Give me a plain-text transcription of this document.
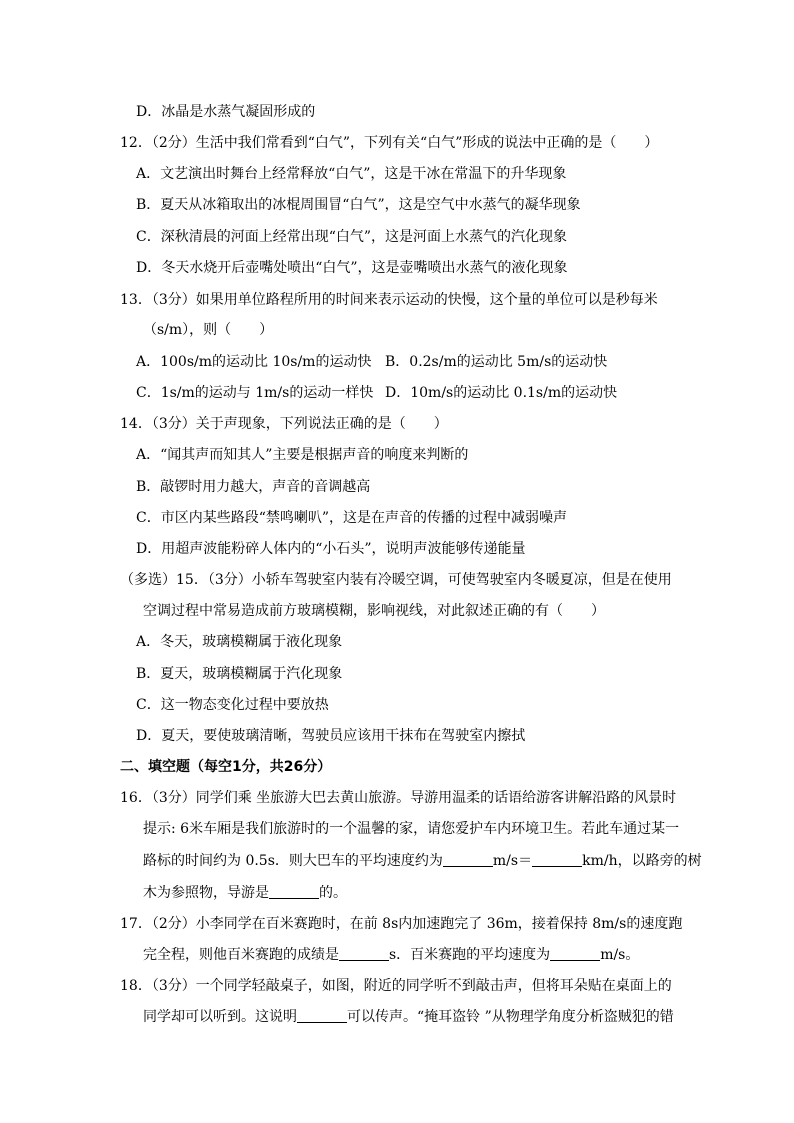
D．冰晶是水蒸气凝固形成的
12．（2分）生活中我们常看到“白气”，下列有关“白气”形成的说法中正确的是（　　）
A．文艺演出时舞台上经常释放“白气”，这是干冰在常温下的升华现象
B．夏天从冰箱取出的冰棍周围冒“白气”，这是空气中水蒸气的凝华现象
C．深秋清晨的河面上经常出现“白气”，这是河面上水蒸气的汽化现象
D．冬天水烧开后壶嘴处喷出“白气”，这是壶嘴喷出水蒸气的液化现象
13．（3分）如果用单位路程所用的时间来表示运动的快慢，这个量的单位可以是秒每米
（s/m），则（　　）
A．100s/m的运动比 10s/m的运动快 B．0.2s/m的运动比 5m/s的运动快
C．1s/m的运动与 1m/s的运动一样快 D．10m/s的运动比 0.1s/m的运动快
14．（3分）关于声现象，下列说法正确的是（　　）
A．“闻其声而知其人”主要是根据声音的响度来判断的
B．敲锣时用力越大，声音的音调越高
C．市区内某些路段“禁鸣喇叭”，这是在声音的传播的过程中减弱噪声
D．用超声波能粉碎人体内的“小石头”，说明声波能够传递能量
（多选）15．（3分）小轿车驾驶室内装有冷暖空调，可使驾驶室内冬暖夏凉，但是在使用
空调过程中常易造成前方玻璃模糊，影响视线，对此叙述正确的有（　　）
A．冬天，玻璃模糊属于液化现象
B．夏天，玻璃模糊属于汽化现象
C．这一物态变化过程中要放热
D．夏天，要使玻璃清晰，驾驶员应该用干抹布在驾驶室内擦拭
二、填空题（每空1分，共26分）
16．（3分）同学们乘 坐旅游大巴去黄山旅游。导游用温柔的话语给游客讲解沿路的风景时
提示: 6米车厢是我们旅游时的一个温馨的家，请您爱护车内环境卫生。若此车通过某一
路标的时间约为 0.5s．则大巴车的平均速度约为	m/s＝	km/h，以路旁的树
木为参照物，导游是	的。
17．（2分）小李同学在百米赛跑时，在前 8s内加速跑完了 36m，接着保持 8m/s的速度跑
完全程，则他百米赛跑的成绩是	s．百米赛跑的平均速度为	m/s。
18．（3分）一个同学轻敲桌子，如图，附近的同学听不到敲击声，但将耳朵贴在桌面上的
同学却可以听到。这说明	可以传声。“掩耳盗铃 ”从物理学角度分析盗贼犯的错
